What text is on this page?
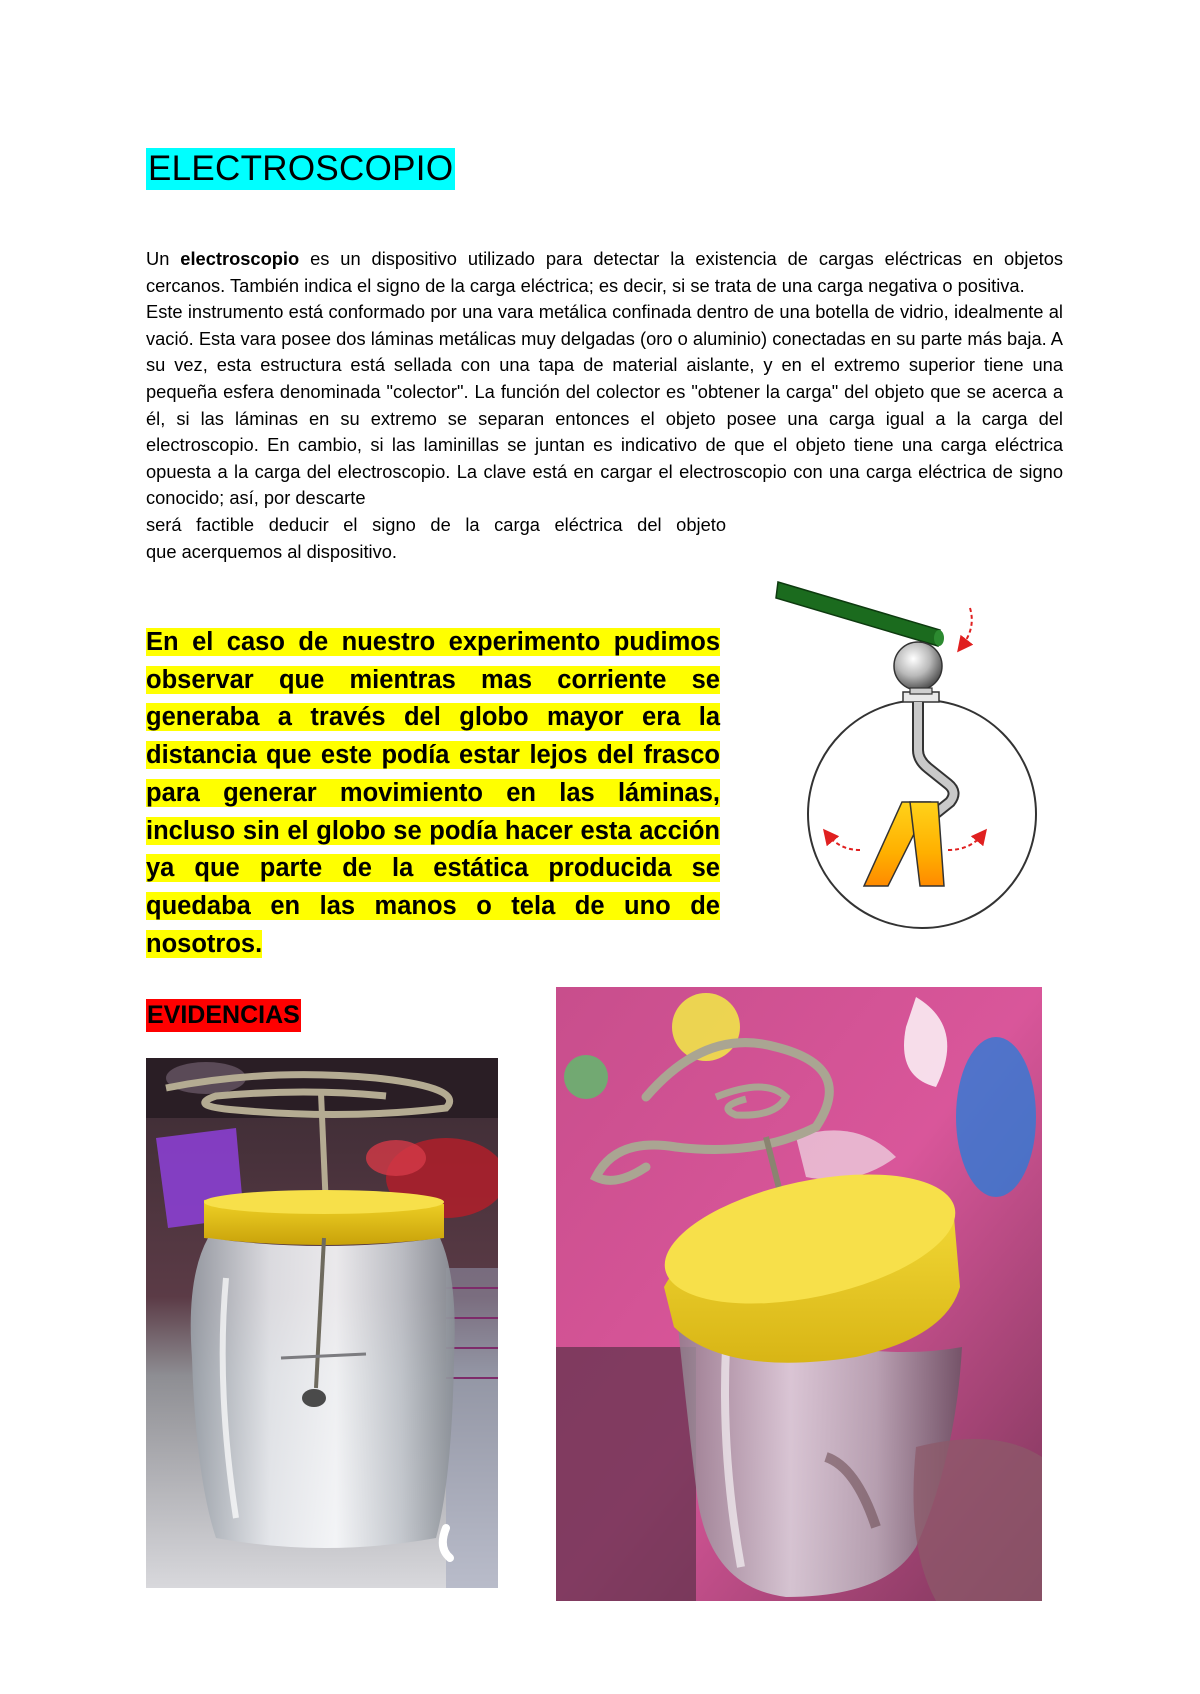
ELECTROSCOPIO

Un electroscopio es un dispositivo utilizado para detectar la existencia de cargas eléctricas en objetos cercanos. También indica el signo de la carga eléctrica; es decir, si se trata de una carga negativa o positiva.

Este instrumento está conformado por una vara metálica confinada dentro de una botella de vidrio, idealmente al vació. Esta vara posee dos láminas metálicas muy delgadas (oro o aluminio) conectadas en su parte más baja. A su vez, esta estructura está sellada con una tapa de material aislante, y en el extremo superior tiene una pequeña esfera denominada "colector". La función del colector es "obtener la carga" del objeto que se acerca a él, si las láminas en su extremo se separan entonces el objeto posee una carga igual a la carga del electroscopio. En cambio, si las laminillas se juntan es indicativo de que el objeto tiene una carga eléctrica opuesta a la carga del electroscopio. La clave está en cargar el electroscopio con una carga eléctrica de signo conocido; así, por descarte

será factible deducir el signo de la carga eléctrica del objeto

que acerquemos al dispositivo.

En el caso de nuestro experimento pudimos observar que mientras mas corriente se generaba a través del globo mayor era la distancia que este podía estar lejos del frasco para generar movimiento en las láminas, incluso sin el globo se podía hacer esta acción ya que parte de la estática producida se quedaba en las manos o tela de uno de nosotros.
EVIDENCIAS
